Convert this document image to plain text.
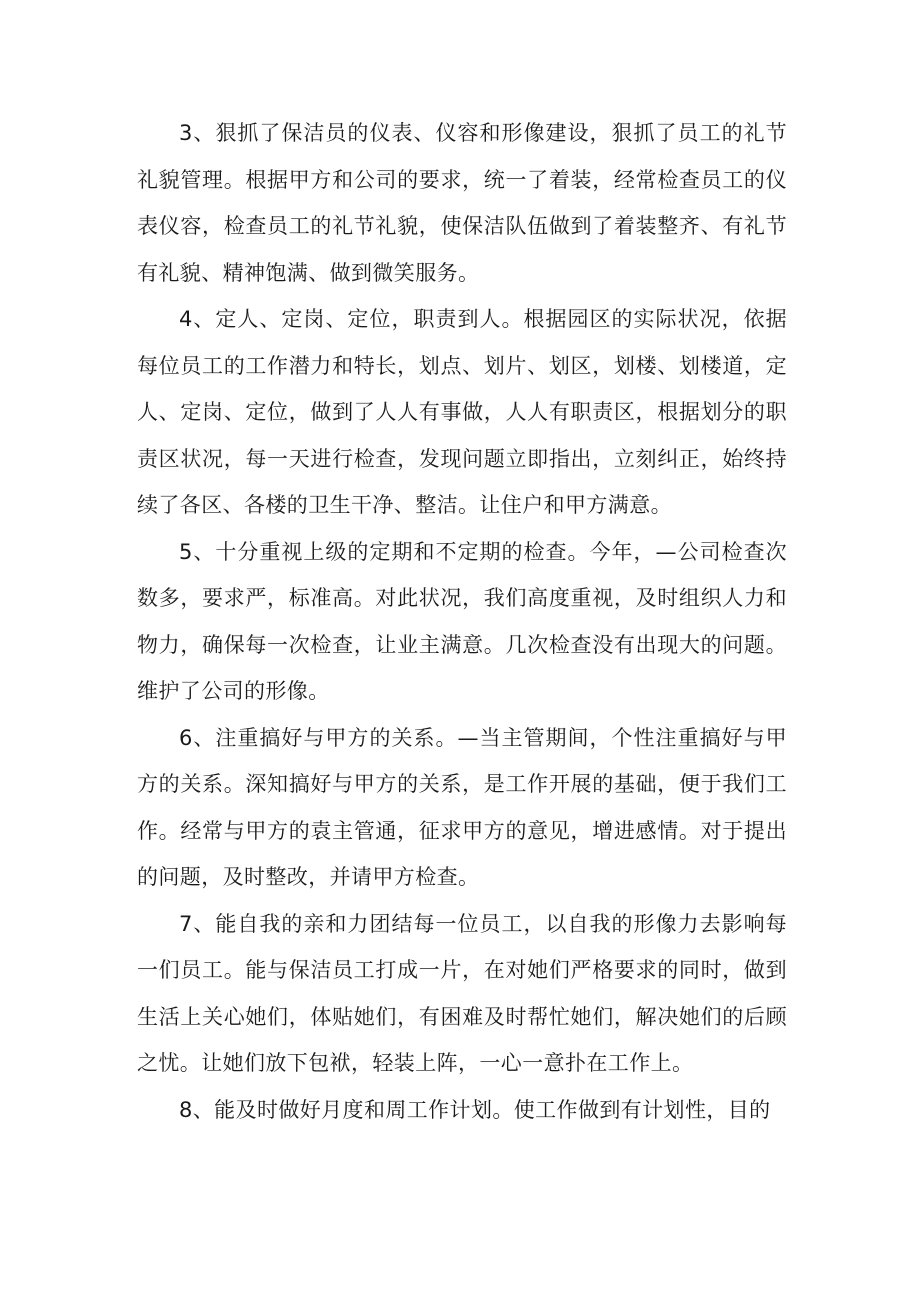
3、狠抓了保洁员的仪表、仪容和形像建设，狠抓了员工的礼节礼貌管理。根据甲方和公司的要求，统一了着装，经常检查员工的仪表仪容，检查员工的礼节礼貌，使保洁队伍做到了着装整齐、有礼节有礼貌、精神饱满、做到微笑服务。

4、定人、定岗、定位，职责到人。根据园区的实际状况，依据每位员工的工作潜力和特长，划点、划片、划区，划楼、划楼道，定人、定岗、定位，做到了人人有事做，人人有职责区，根据划分的职责区状况，每一天进行检查，发现问题立即指出，立刻纠正，始终持续了各区、各楼的卫生干净、整洁。让住户和甲方满意。

5、十分重视上级的定期和不定期的检查。今年，—公司检查次数多，要求严，标准高。对此状况，我们高度重视，及时组织人力和物力，确保每一次检查，让业主满意。几次检查没有出现大的问题。维护了公司的形像。

6、注重搞好与甲方的关系。—当主管期间，个性注重搞好与甲方的关系。深知搞好与甲方的关系，是工作开展的基础，便于我们工作。经常与甲方的袁主管通，征求甲方的意见，增进感情。对于提出的问题，及时整改，并请甲方检查。

7、能自我的亲和力团结每一位员工，以自我的形像力去影响每一们员工。能与保洁员工打成一片，在对她们严格要求的同时，做到生活上关心她们，体贴她们，有困难及时帮忙她们，解决她们的后顾之忧。让她们放下包袱，轻装上阵，一心一意扑在工作上。

8、能及时做好月度和周工作计划。使工作做到有计划性，目的
